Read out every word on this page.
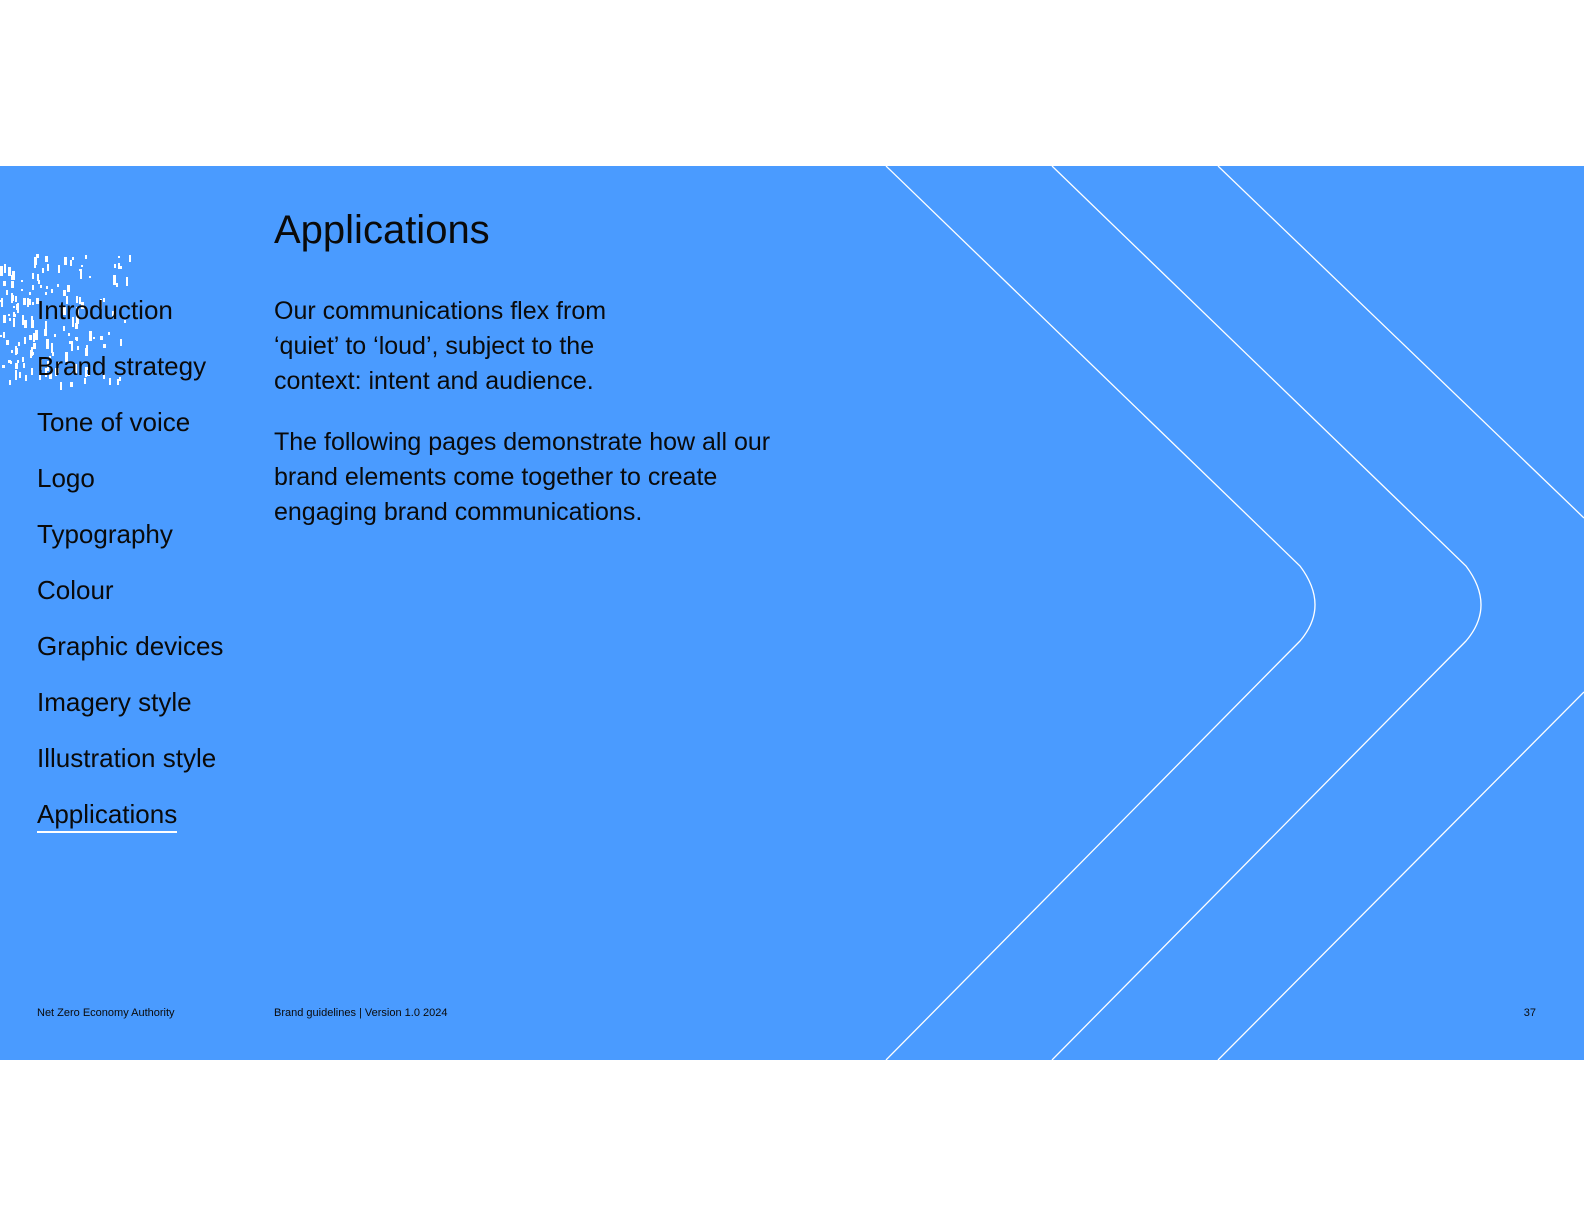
Introduction
Brand strategy
Tone of voice
Logo
Typography
Colour
Graphic devices
Imagery style
Illustration style
Applications
Applications

Our communications flex from ‘quiet’ to ‘loud’, subject to the context: intent and audience.

The following pages demonstrate how all our brand elements come together to create engaging brand communications.

Net Zero Economy Authority	Brand guidelines | Version 1.0 2024	37
